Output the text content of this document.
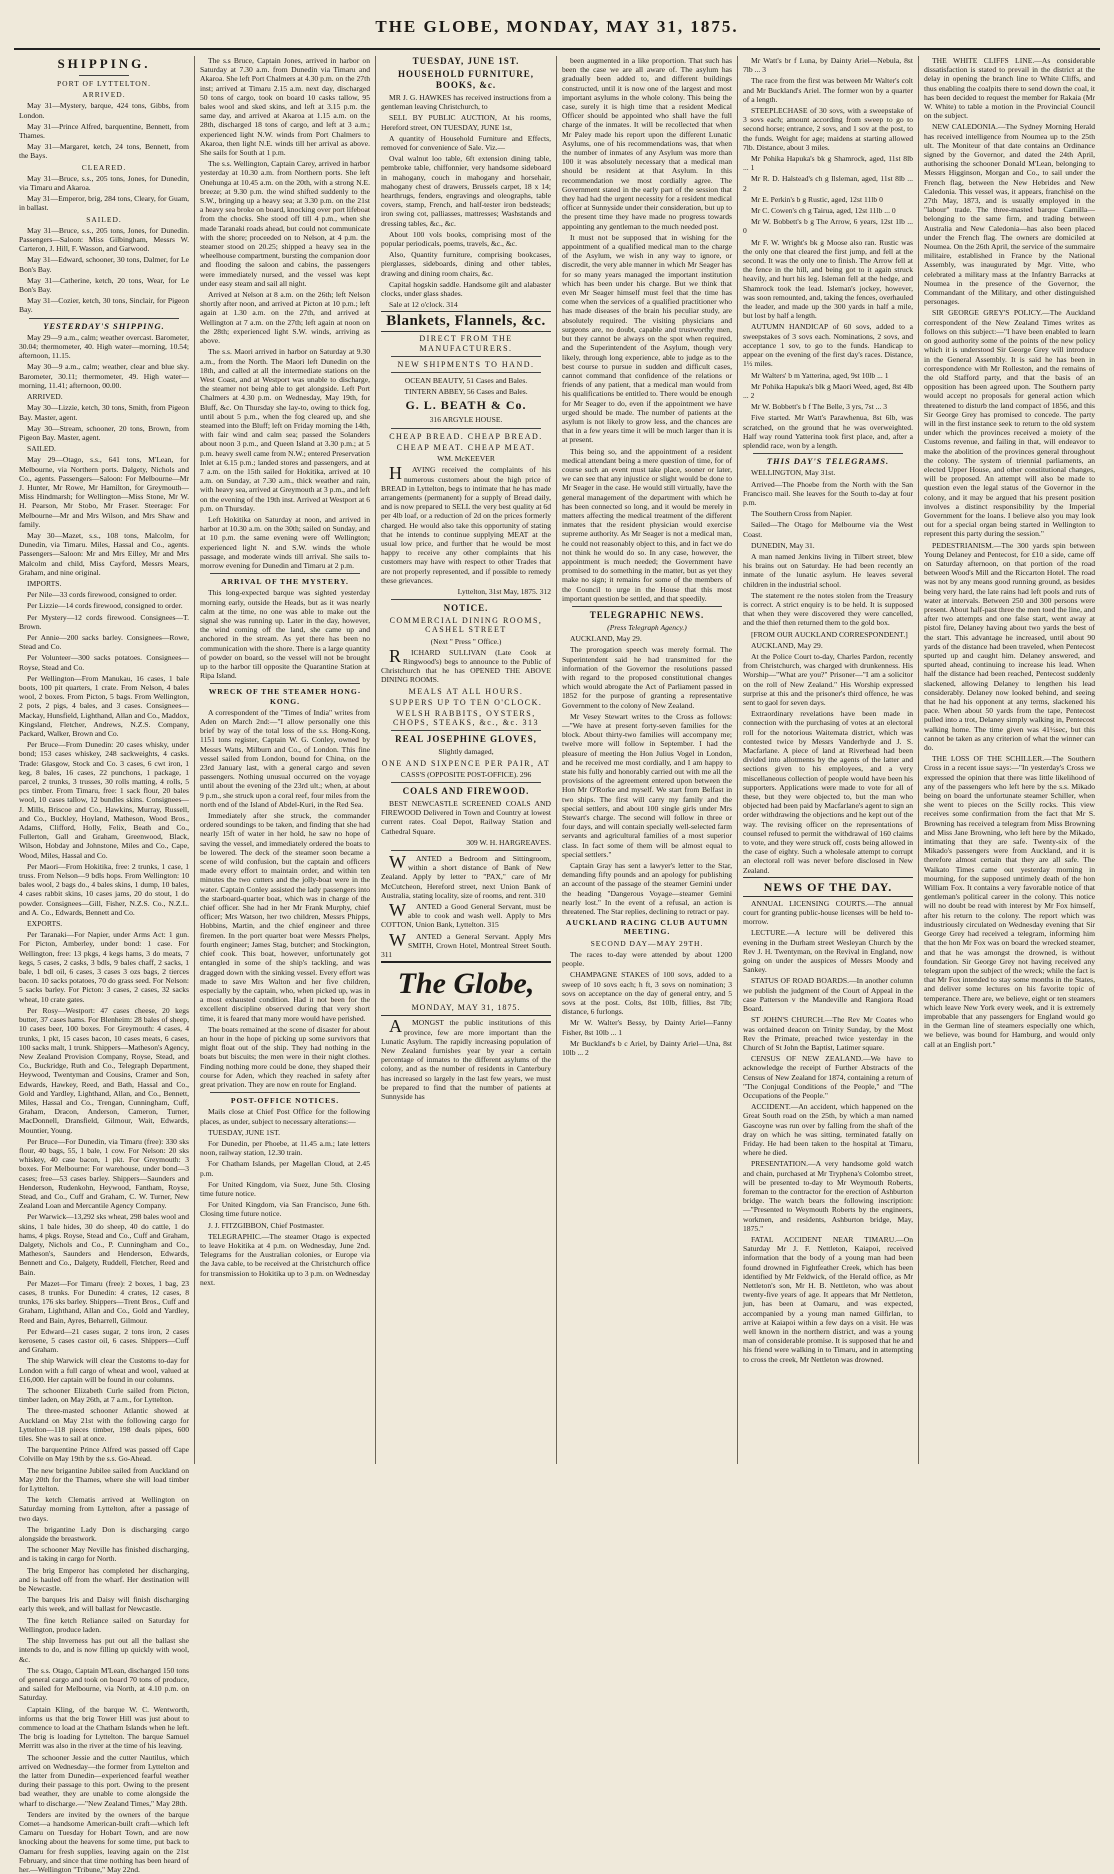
THE GLOBE, MONDAY, MAY 31, 1875.

SHIPPING.

PORT OF LYTTELTON.

ARRIVED.

May 31—Mystery, barque, 424 tons, Gibbs, from London.

May 31—Prince Alfred, barquentine, Bennett, from Thames.

May 31—Margaret, ketch, 24 tons, Bennett, from the Bays.

CLEARED.

May 31—Bruce, s.s., 205 tons, Jones, for Dunedin, via Timaru and Akaroa.

May 31—Emperor, brig, 284 tons, Cleary, for Guam, in ballast.

SAILED.

May 31—Bruce, s.s., 205 tons, Jones, for Dunedin. Passengers—Saloon: Miss Gilbingham, Messrs W. Carteron, J. Hill, F. Wasson, and Garwood.

May 31—Edward, schooner, 30 tons, Dalmer, for Le Bon's Bay.

May 31—Catherine, ketch, 20 tons, Wear, for Le Bon's Bay.

May 31—Cozier, ketch, 30 tons, Sinclair, for Pigeon Bay.

YESTERDAY'S SHIPPING.

May 29—9 a.m., calm; weather overcast. Barometer, 30.04; thermometer, 40. High water—morning, 10.54; afternoon, 11.15.

May 30—9 a.m., calm; weather, clear and blue sky. Barometer, 30.11; thermometer, 49. High water—morning, 11.41; afternoon, 00.00.

ARRIVED.

May 30—Lizzie, ketch, 30 tons, Smith, from Pigeon Bay. Master, agent.

May 30—Stream, schooner, 20 tons, Brown, from Pigeon Bay. Master, agent.

SAILED.

May 29—Otago, s.s., 641 tons, M'Lean, for Melbourne, via Northern ports. Dalgety, Nichols and Co., agents. Passengers—Saloon: For Melbourne—Mr J. Hunter, Mr Rowe, Mr Hamilton, for Greymouth—Miss Hindmarsh; for Wellington—Miss Stone, Mr W. H. Pearson, Mr Stobo, Mr Fraser. Steerage: For Melbourne—Mr and Mrs Wilson, and Mrs Shaw and family.

May 30—Mazet, s.s., 108 tons, Malcolm, for Dunedin, via Timaru. Miles, Hassal and Co., agents. Passengers—Saloon: Mr and Mrs Eilley, Mr and Mrs Malcolm and child, Miss Cayford, Messrs Mears, Graham, and nine original.

IMPORTS.

Per Nile—33 cords firewood, consigned to order.

Per Lizzie—14 cords firewood, consigned to order.

Per Mystery—12 cords firewood. Consignees—T. Brown.

Per Annie—200 sacks barley. Consignees—Rowe, Stead and Co.

Per Volunteer—300 sacks potatoes. Consignees—Royse, Stead and Co.

Per Wellington—From Manukau, 16 cases, 1 bale boots, 100 pit quarters, 1 crate. From Nelson, 4 bales wool, 2 boxes. From Picton, 5 bags. From Wellington, 2 pots, 2 pigs, 4 bales, and 3 cases. Consignees—Mackay, Hunsfield, Lighthand, Allan and Co., Maddox, Kingsland, Fletcher, Andrews, N.Z.S. Company, Packard, Walker, Brown and Co.

Per Bruce—From Dunedin: 20 cases whisky, under bond; 153 cases whiskey, 248 sackweights, 4 casks. Trade: Glasgow, Stock and Co. 3 cases, 6 cwt iron, 1 keg, 8 bales, 16 cases, 22 punchons, 1 package, 1 parcel, 2 trunks, 3 trusses, 30 rolls matting, 4 rolls, 5 pcs timber. From Timaru, free: 1 sack flour, 20 bales wool, 10 cases tallow, 12 bundles skins. Consignees—J. Mills, Briscoe and Co., Hawkins, Murray, Russell, and Co., Buckley, Hoyland, Matheson, Wood Bros., Adams, Clifford, Holly, Felix, Beath and Co., Fullerton, Gall and Graham, Greenwood, Black, Wilson, Hobday and Johnstone, Miles and Co., Cape, Wood, Miles, Hassal and Co.

Per Maori—From Hokitika, free: 2 trunks, 1 case, 1 truss. From Nelson—9 bdls hops. From Wellington: 10 bales wool, 2 bags do., 4 bales skins, 1 dump, 10 bales, 4 cases rabbit skins, 10 cases jams, 20 do stout, 1 do powder. Consignees—Gill, Fisher, N.Z.S. Co., N.Z.L. and A. Co., Edwards, Bennett and Co.

EXPORTS.

Per Taranaki—For Napier, under Arms Act: 1 gun. For Picton, Amberley, under bond: 1 case. For Wellington, free: 13 pkgs, 4 kegs hams, 3 do meats, 7 kegs, 5 cases, 2 casks, 3 bdls, 9 bales chaff, 2 sacks, 1 bale, 1 bdl oil, 6 cases, 3 cases 3 ozs bags, 2 tierces bacon. 10 sacks potatoes, 70 do grass seed. For Nelson: 5 sacks barley. For Picton: 3 cases, 2 cases, 32 sacks wheat, 10 crate gates.

Per Rosy—Westport: 47 cases cheese, 20 kegs butter, 37 cases hams. For Blenheim: 28 bales of sheep, 10 cases beer, 100 boxes. For Greymouth: 4 cases, 4 trunks, 1 pkt, 15 cases bacon, 10 cases meats, 6 cases, 100 sacks malt, 1 trunk. Shippers—Matheson's Agency, New Zealand Provision Company, Royse, Stead, and Co., Buckridge, Ruth and Co., Telegraph Department, Heywood, Twentyman and Cousins, Cramer and Son, Edwards, Hawkey, Reed, and Bath, Hassal and Co., Gold and Yardley, Lighthand, Allan, and Co., Bennett, Miles, Hassal and Co., Trengan, Cunningham, Cuff, Graham, Dracon, Anderson, Cameron, Turner, MacDonnell, Dransfield, Gilmour, Wait, Edwards, Mountier, Young.

Per Bruce—For Dunedin, via Timaru (free): 330 sks flour, 40 bags, 55, 1 bale, 1 cow. For Nelson: 20 sks whiskey, 40 case bacon, 1 pkt. For Greymouth: 3 boxes. For Melbourne: For warehouse, under bond—3 cases; free—53 cases barley. Shippers—Saunders and Henderson, Rudenkohn, Heywood, Fantham, Royse, Stead, and Co., Cuff and Graham, C. W. Turner, New Zealand Loan and Mercantile Agency Company.

Per Warwick—13,292 sks wheat, 298 bales wool and skins, 1 bale hides, 30 do sheep, 40 do cattle, 1 do hams, 4 pkgs. Royse, Stead and Co., Cuff and Graham, Dalgety, Nichols and Co., P. Cunningham and Co., Matheson's, Saunders and Henderson, Edwards, Bennett and Co., Dalgety, Ruddell, Fletcher, Reed and Bain.

Per Mazet—For Timaru (free): 2 boxes, 1 bag, 23 cases, 8 trunks. For Dunedin: 4 crates, 12 cases, 8 trunks, 176 sks barley. Shippers—Trent Bros., Cuff and Graham, Lighthand, Allan and Co., Gold and Yardley, Reed and Bain, Ayres, Beharrell, Gilmour.

Per Edward—21 cases sugar, 2 tons iron, 2 cases kerosene, 5 cases castor oil, 6 cases. Shippers—Cuff and Graham.

The ship Warwick will clear the Customs to-day for London with a full cargo of wheat and wool, valued at £16,000. Her captain will be found in our columns.

The schooner Elizabeth Curle sailed from Picton, timber laden, on May 26th, at 7 a.m., for Lyttelton.

The three-masted schooner Atlantic showed at Auckland on May 21st with the following cargo for Lyttelton—118 pieces timber, 198 deals pipes, 600 tiles. She was to sail at once.

The barquentine Prince Alfred was passed off Cape Colville on May 19th by the s.s. Go-Ahead.

The new brigantine Jubilee sailed from Auckland on May 20th for the Thames, where she will load timber for Lyttelton.

The ketch Clematis arrived at Wellington on Saturday morning from Lyttelton, after a passage of two days.

The brigantine Lady Don is discharging cargo alongside the breastwork.

The schooner May Neville has finished discharging, and is taking in cargo for North.

The brig Emperor has completed her discharging, and is hauled off from the wharf. Her destination will be Newcastle.

The barques Iris and Daisy will finish discharging early this week, and will ballast for Newcastle.

The fine ketch Reliance sailed on Saturday for Wellington, produce laden.

The ship Inverness has put out all the ballast she intends to do, and is now filling up quickly with wool, &c.

The s.s. Otago, Captain M'Lean, discharged 150 tons of general cargo and took on board 70 tons of produce, and sailed for Melbourne, via North, at 4.10 p.m. on Saturday.

Captain Kling, of the barque W. C. Wentworth, informs us that the brig Tower Hill was just about to commence to load at the Chatham Islands when he left. The brig is loading for Lyttelton. The barque Samuel Merritt was also in the river at the time of his leaving.

The schooner Jessie and the cutter Nautilus, which arrived on Wednesday—the former from Lyttelton and the latter from Dunedin—experienced fearful weather during their passage to this port. Owing to the present bad weather, they are unable to come alongside the wharf to discharge.—"New Zealand Times," May 28th.

Tenders are invited by the owners of the barque Comet—a handsome American-built craft—which left Camaru on Tuesday for Hobart Town, and are now knocking about the heavens for some time, put back to Oamaru for fresh supplies, leaving again on the 21st February, and since that time nothing has been heard of her.—Wellington "Tribune," May 22nd.

The s.s Bruce, Captain Jones, arrived in harbor on Saturday at 7.30 a.m. from Dunedin via Timaru and Akaroa. She left Port Chalmers at 4.30 p.m. on the 27th inst; arrived at Timaru 2.15 a.m. next day, discharged 50 tons of cargo, took on board 10 casks tallow, 95 bales wool and sked skins, and left at 3.15 p.m. the same day, and arrived at Akaroa at 1.15 a.m. on the 28th, discharged 18 tons of cargo, and left at 3 a.m.; experienced light N.W. winds from Port Chalmers to Akaroa, then light N.E. winds till her arrival as above. She sails for South at 1 p.m.

The s.s. Wellington, Captain Carey, arrived in harbor yesterday at 10.30 a.m. from Northern ports. She left Onehunga at 10.45 a.m. on the 20th, with a strong N.E. breeze; at 9.30 p.m. the wind shifted suddenly to the S.W., bringing up a heavy sea; at 3.30 p.m. on the 21st a heavy sea broke on board, knocking over port lifeboat from the chocks. She stood off till 4 p.m., when she made Taranaki roads ahead, but could not communicate with the shore; proceeded on to Nelson, at 4 p.m. the steamer stood on 20.25; shipped a heavy sea in the wheelhouse compartment, bursting the companion door and flooding the saloon and cabins, the passengers were immediately nursed, and the vessel was kept under easy steam and sail all night.

Arrived at Nelson at 8 a.m. on the 26th; left Nelson shortly after noon, and arrived at Picton at 10 p.m.; left again at 1.30 a.m. on the 27th, and arrived at Wellington at 7 a.m. on the 27th; left again at noon on the 28th; experienced light S.W. winds, arriving as above.

The s.s. Maori arrived in harbor on Saturday at 9.30 a.m., from the North. The Maori left Dunedin on the 18th, and called at all the intermediate stations on the West Coast, and at Westport was unable to discharge, the steamer not being able to get alongside. Left Port Chalmers at 4.30 p.m. on Wednesday, May 19th, for Bluff, &c. On Thursday she lay-to, owing to thick fog, until about 5 p.m., when the fog cleared up, and she steamed into the Bluff; left on Friday morning the 14th, with fair wind and calm sea; passed the Solanders about noon 3 p.m., and Queen Island at 3.30 p.m.; at 5 p.m. heavy swell came from N.W.; entered Preservation Inlet at 6.15 p.m.; landed stores and passengers, and at 7 a.m. on the 15th sailed for Hokitika, arrived at 10 a.m. on Sunday, at 7.30 a.m., thick weather and rain, with heavy sea, arrived at Greymouth at 3 p.m., and left on the evening of the 19th inst. Arrived at Westport at 6 p.m. on Thursday.

Left Hokitika on Saturday at noon, and arrived in harbor at 10.30 a.m. on the 30th; sailed on Sunday, and at 10 p.m. the same evening were off Wellington; experienced light N. and S.W. winds the whole passage, and moderate winds till arrival. She sails to-morrow evening for Dunedin and Timaru at 2 p.m.

ARRIVAL OF THE MYSTERY.

This long-expected barque was sighted yesterday morning early, outside the Heads, but as it was nearly calm at the time, no one was able to make out the signal she was running up. Later in the day, however, the wind coming off the land, she came up and anchored in the stream. As yet there has been no communication with the shore. There is a large quantity of powder on board, so the vessel will not be brought up to the harbor till opposite the Quarantine Station at Ripa Island.

WRECK OF THE STEAMER HONG-KONG.

A correspondent of the "Times of India" writes from Aden on March 2nd:—"I allow personally one this brief by way of the total loss of the s.s. Hong-Kong, 1151 tons register, Captain W. G. Conley, owned by Messrs Watts, Milburn and Co., of London. This fine vessel sailed from London, bound for China, on the 23rd January last, with a general cargo and seven passengers. Nothing unusual occurred on the voyage until about the evening of the 23rd ult.; when, at about 9 p.m., she struck upon a coral reef, four miles from the north end of the Island of Abdel-Kuri, in the Red Sea.

Immediately after she struck, the commander ordered soundings to be taken, and finding that she had nearly 15ft of water in her hold, he saw no hope of saving the vessel, and immediately ordered the boats to be lowered. The deck of the steamer soon became a scene of wild confusion, but the captain and officers made every effort to maintain order, and within ten minutes the two cutters and the jolly-boat were in the water. Captain Conley assisted the lady passengers into the starboard-quarter boat, which was in charge of the chief officer. She had in her Mr Frank Murphy, chief officer; Mrs Watson, her two children, Messrs Phipps, Hobbins, Martin, and the chief engineer and three firemen. In the port quarter boat were Messrs Phelps, fourth engineer; James Stag, butcher; and Stockington, chief cook. This boat, however, unfortunately got entangled in some of the ship's tackling, and was dragged down with the sinking vessel. Every effort was made to save Mrs Walton and her five children, especially by the captain, who, when picked up, was in a most exhausted condition. Had it not been for the excellent discipline observed during that very short time, it is feared that many more would have perished.

The boats remained at the scene of disaster for about an hour in the hope of picking up some survivors that might float out of the ship. They had nothing in the boats but biscuits; the men were in their night clothes. Finding nothing more could be done, they shaped their course for Aden, which they reached in safety after great privation. They are now en route for England.

POST-OFFICE NOTICES.

Mails close at Chief Post Office for the following places, as under, subject to necessary alterations:—

TUESDAY, JUNE 1ST.

For Dunedin, per Phoebe, at 11.45 a.m.; late letters noon, railway station, 12.30 train.

For Chatham Islands, per Magellan Cloud, at 2.45 p.m.

For United Kingdom, via Suez, June 5th. Closing time future notice.

For United Kingdom, via San Francisco, June 6th. Closing time future notice.

J. J. FITZGIBBON, Chief Postmaster.

TELEGRAPHIC.—The steamer Otago is expected to leave Hokitika at 4 p.m. on Wednesday, June 2nd. Telegrams for the Australian colonies, or Europe via the Java cable, to be received at the Christchurch office for transmission to Hokitika up to 3 p.m. on Wednesday next.

TUESDAY, JUNE 1ST.

HOUSEHOLD FURNITURE, BOOKS, &c.

MR J. G. HAWKES has received instructions from a gentleman leaving Christchurch, to

SELL BY PUBLIC AUCTION, At his rooms, Hereford street, ON TUESDAY, JUNE 1st,

A quantity of Household Furniture and Effects, removed for convenience of Sale. Viz.—

Oval walnut loo table, 6ft extension dining table, pembroke table, chiffonnier, very handsome sideboard in mahogany, couch in mahogany and horsehair, mahogany chest of drawers, Brussels carpet, 18 x 14; hearthrugs, fenders, engravings and oleographs, table covers, stamp, French, and half-tester iron bedsteads; iron swing cot, palliasses, mattresses; Washstands and dressing tables, &c., &c.

About 100 vols books, comprising most of the popular periodicals, poems, travels, &c., &c.

Also, Quantity furniture, comprising bookcases, pierglasses, sideboards, dining and other tables, drawing and dining room chairs, &c.

Capital hogskin saddle. Handsome gilt and alabaster clocks, under glass shades.

Sale at 12 o'clock. 314

Blankets, Flannels, &c.

DIRECT FROM THE MANUFACTURERS.

NEW SHIPMENTS TO HAND.

OCEAN BEAUTY, 51 Cases and Bales.

TINTERN ABBEY, 56 Cases and Bales.

G. L. BEATH & Co.

316 ARGYLE HOUSE.

CHEAP BREAD. CHEAP BREAD.

CHEAP MEAT. CHEAP MEAT.

WM. McKEEVER

HAVING received the complaints of his numerous customers about the high price of BREAD in Lyttelton, begs to intimate that he has made arrangements (permanent) for a supply of Bread daily, and is now prepared to SELL the very best quality at 6d per 4lb loaf, or a reduction of 2d on the prices formerly charged. He would also take this opportunity of stating that he intends to continue supplying MEAT at the usual low price, and further that he would be most happy to receive any other complaints that his customers may have with respect to other Trades that are not properly represented, and if possible to remedy these grievances.

Lyttelton, 31st May, 1875. 312

NOTICE.

COMMERCIAL DINING ROOMS, CASHEL STREET

(Next " Press " Office.)

RICHARD SULLIVAN (Late Cook at Ringwood's) begs to announce to the Public of Christchurch that he has OPENED THE ABOVE DINING ROOMS.

MEALS AT ALL HOURS.

SUPPERS UP TO TEN O'CLOCK.

WELSH RABBITS, OYSTERS, CHOPS, STEAKS, &c., &c. 313

REAL JOSEPHINE GLOVES,

Slightly damaged,

ONE AND SIXPENCE PER PAIR, AT

CASS'S (OPPOSITE POST-OFFICE). 296

COALS AND FIREWOOD.

BEST NEWCASTLE SCREENED COALS AND FIREWOOD Delivered in Town and Country at lowest current rates. Coal Depot, Railway Station and Cathedral Square.

309 W. H. HARGREAVES.

WANTED a Bedroom and Sittingroom, within a short distance of Bank of New Zealand. Apply by letter to "PAX," care of Mr McCutcheon, Hereford street, next Union Bank of Australia, stating locality, size of rooms, and rent. 310

WANTED a Good General Servant, must be able to cook and wash well. Apply to Mrs COTTON, Union Bank, Lyttelton. 315

WANTED a General Servant. Apply Mrs SMITH, Crown Hotel, Montreal Street South. 311

The Globe,

MONDAY, MAY 31, 1875.

AMONGST the public institutions of this province, few are more important than the Lunatic Asylum. The rapidly increasing population of New Zealand furnishes year by year a certain percentage of inmates to the different asylums of the colony, and as the number of residents in Canterbury has increased so largely in the last few years, we must be prepared to find that the number of patients at Sunnyside has

been augmented in a like proportion. That such has been the case we are all aware of. The asylum has gradually been added to, and different buildings constructed, until it is now one of the largest and most important asylums in the whole colony. This being the case, surely it is high time that a resident Medical Officer should be appointed who shall have the full charge of the inmates. It will be recollected that when Mr Paley made his report upon the different Lunatic Asylums, one of his recommendations was, that when the number of inmates of any Asylum was more than 100 it was absolutely necessary that a medical man should be resident at that Asylum. In this recommendation we most cordially agree. The Government stated in the early part of the session that they had had the urgent necessity for a resident medical officer at Sunnyside under their consideration, but up to the present time they have made no progress towards appointing any gentleman to the much needed post.

It must not be supposed that in wishing for the appointment of a qualified medical man to the charge of the Asylum, we wish in any way to ignore, or discredit, the very able manner in which Mr Seager has for so many years managed the important institution which has been under his charge. But we think that even Mr Seager himself must feel that the time has come when the services of a qualified practitioner who has made diseases of the brain his peculiar study, are absolutely required. The visiting physicians and surgeons are, no doubt, capable and trustworthy men, but they cannot be always on the spot when required, and the Superintendent of the Asylum, though very likely, through long experience, able to judge as to the best course to pursue in sudden and difficult cases, cannot command that confidence of the relations or friends of any patient, that a medical man would from his qualifications be entitled to. There would be enough for Mr Seager to do, even if the appointment we have urged should be made. The number of patients at the asylum is not likely to grow less, and the chances are that in a few years time it will be much larger than it is at present.

This being so, and the appointment of a resident medical attendant being a mere question of time, for of course such an event must take place, sooner or later, we can see that any injustice or slight would be done to Mr Seager in the case. He would still virtually, have the general management of the department with which he has been connected so long, and it would be merely in matters affecting the medical treatment of the different inmates that the resident physician would exercise supreme authority. As Mr Seager is not a medical man, he could not reasonably object to this, and in fact we do not think he would do so. In any case, however, the appointment is much needed; the Government have promised to do something in the matter, but as yet they make no sign; it remains for some of the members of the Council to urge in the House that this most important question be settled, and that speedily.

TELEGRAPHIC NEWS.

(Press Telegraph Agency.)

AUCKLAND, May 29.

The prorogation speech was merely formal. The Superintendent said he had transmitted for the information of the Governor the resolutions passed with regard to the proposed constitutional changes which would abrogate the Act of Parliament passed in 1852 for the purpose of granting a representative Government to the colony of New Zealand.

Mr Vesey Stewart writes to the Cross as follows:—"We have at present forty-seven families for the block. About thirty-two families will accompany me; twelve more will follow in September. I had the pleasure of meeting the Hon Julius Vogel in London, and he received me most cordially, and I am happy to state his fully and honorably carried out with me all the provisions of the agreement entered upon between the Hon Mr O'Rorke and myself. We start from Belfast in two ships. The first will carry my family and the special settlers, and about 100 single girls under Mrs Stewart's charge. The second will follow in three or four days, and will contain specially well-selected farm servants and agricultural families of a most superior class. In fact some of them will be almost equal to special settlers."

Captain Gray has sent a lawyer's letter to the Star, demanding fifty pounds and an apology for publishing an account of the passage of the steamer Gemini under the heading "Dangerous Voyage—steamer Gemini nearly lost." In the event of a refusal, an action is threatened. The Star replies, declining to retract or pay.

AUCKLAND RACING CLUB AUTUMN MEETING.

SECOND DAY—MAY 29TH.

The races to-day were attended by about 1200 people.

CHAMPAGNE STAKES of 100 sovs, added to a sweep of 10 sovs each; h ft, 3 sovs on nomination; 3 sovs on acceptance on the day of general entry, and 5 sovs at the post. Colts, 8st 10lb, fillies, 8st 7lb; distance, 6 furlongs.

Mr W. Walter's Bessy, by Dainty Ariel—Fanny Fisher, 8st 10lb ... 1

Mr Buckland's b c Ariel, by Dainty Ariel—Una, 8st 10lb ... 2

Mr Watt's br f Luna, by Dainty Ariel—Nebula, 8st 7lb ... 3

The race from the first was between Mr Walter's colt and Mr Buckland's Ariel. The former won by a quarter of a length.

STEEPLECHASE of 30 sovs, with a sweepstake of 3 sovs each; amount according from sweep to go to second horse; entrance, 2 sovs, and 1 sov at the post, to the funds. Weight for age; maidens at starting allowed 7lb. Distance, about 3 miles.

Mr Pohika Hapuka's bk g Shamrock, aged, 11st 8lb ... 1

Mr R. D. Halstead's ch g Ilsleman, aged, 11st 8lb ... 2

Mr E. Perkin's b g Rustic, aged, 12st 11lb 0

Mr C. Cowen's ch g Tairua, aged, 12st 11lb ... 0

Mr W. Bobbett's b g The Arrow, 6 years, 12st 1lb ... 0

Mr F. W. Wright's bk g Moose also ran. Rustic was the only one that cleared the first jump, and fell at the second. It was the only one to finish. The Arrow fell at the fence in the hill, and being got to it again struck heavily, and hurt his leg. Isleman fell at the hedge, and Shamrock took the lead. Isleman's jockey, however, was soon remounted, and, taking the fences, overhauled the leader, and made up the 300 yards in half a mile, but lost by half a length.

AUTUMN HANDICAP of 60 sovs, added to a sweepstakes of 3 sovs each. Nominations, 2 sovs, and acceptance 1 sov, to go to the funds. Handicap to appear on the evening of the first day's races. Distance, 1½ miles.

Mr Walters' b m Yatterina, aged, 9st 10lb ... 1

Mr Pohika Hapuka's blk g Maori Weed, aged, 8st 4lb ... 2

Mr W. Bobbett's b f The Belle, 3 yrs, 7st ... 3

Five started. Mr Watt's Parawhenua, 8st 6lb, was scratched, on the ground that he was overweighted. Half way round Yatterina took first place, and, after a splendid race, won by a length.

THIS DAY'S TELEGRAMS.

WELLINGTON, May 31st.

Arrived—The Phoebe from the North with the San Francisco mail. She leaves for the South to-day at four p.m.

The Southern Cross from Napier.

Sailed—The Otago for Melbourne via the West Coast.

DUNEDIN, May 31.

A man named Jenkins living in Tilbert street, blew his brains out on Saturday. He had been recently an inmate of the lunatic asylum. He leaves several children in the industrial school.

The statement re the notes stolen from the Treasury is correct. A strict enquiry is to be held. It is supposed that when they were discovered they were cancelled, and the thief then returned them to the gold box.

[FROM OUR AUCKLAND CORRESPONDENT.]

AUCKLAND, May 29.

At the Police Court to-day, Charles Pardon, recently from Christchurch, was charged with drunkenness. His Worship—"What are you?" Prisoner—"I am a solicitor on the roll of New Zealand." His Worship expressed surprise at this and the prisoner's third offence, he was sent to gaol for seven days.

Extraordinary revelations have been made in connection with the purchasing of votes at an electoral roll for the notorious Waitemata district, which was contested twice by Messrs Vanderhyde and J. S. Macfarlane. A piece of land at Riverhead had been divided into allotments by the agents of the latter and sections given to his employees, and a very miscellaneous collection of people would have been his supporters. Applications were made to vote for all of these, but they were objected to, but the man who objected had been paid by Macfarlane's agent to sign an order withdrawing the objections and he kept out of the way. The revising officer on the representations of counsel refused to permit the withdrawal of 160 claims to vote, and they were struck off, costs being allowed in the case of eighty. Such a wholesale attempt to corrupt an electoral roll was never before disclosed in New Zealand.

NEWS OF THE DAY.

ANNUAL LICENSING COURTS.—The annual court for granting public-house licenses will be held to-morrow.

LECTURE.—A lecture will be delivered this evening in the Durham street Wesleyan Church by the Rev J. H. Twentyman, on the Revival in England, now going on under the auspices of Messrs Moody and Sankey.

STATUS OF ROAD BOARDS.—In another column we publish the judgment of the Court of Appeal in the case Patterson v the Mandeville and Rangiora Road Board.

ST JOHN'S CHURCH.—The Rev Mr Coates who was ordained deacon on Trinity Sunday, by the Most Rev the Primate, preached twice yesterday in the Church of St John the Baptist, Latimer square.

CENSUS OF NEW ZEALAND.—We have to acknowledge the receipt of Further Abstracts of the Census of New Zealand for 1874, containing a return of "The Conjugal Conditions of the People," and "The Occupations of the People."

ACCIDENT.—An accident, which happened on the Great South road on the 25th, by which a man named Gascoyne was run over by falling from the shaft of the dray on which he was sitting, terminated fatally on Friday. He had been taken to the hospital at Timaru, where he died.

PRESENTATION.—A very handsome gold watch and chain, purchased at Mr Tryphena's Colombo street, will be presented to-day to Mr Weymouth Roberts, foreman to the contractor for the erection of Ashburton bridge. The watch bears the following inscription:—"Presented to Weymouth Roberts by the engineers, workmen, and residents, Ashburton bridge, May, 1875."

FATAL ACCIDENT NEAR TIMARU.—On Saturday Mr J. F. Nettleton, Kaiapoi, received information that the body of a young man had been found drowned in Fightfeather Creek, which has been identified by Mr Feldwick, of the Herald office, as Mr Nettleton's son, Mr H. B. Nettleton, who was about twenty-five years of age. It appears that Mr Nettleton, jun, has been at Oamaru, and was expected, accompanied by a young man named Gilfirlan, to arrive at Kaiapoi within a few days on a visit. He was well known in the northern district, and was a young man of considerable promise. It is supposed that he and his friend were walking in to Timaru, and in attempting to cross the creek, Mr Nettleton was drowned.

THE WHITE CLIFFS LINE.—As considerable dissatisfaction is stated to prevail in the district at the delay in opening the branch line to White Cliffs, and thus enabling the coalpits there to send down the coal, it has been decided to request the member for Rakaia (Mr W. White) to table a motion in the Provincial Council on the subject.

NEW CALEDONIA.—The Sydney Morning Herald has received intelligence from Noumea up to the 25th ult. The Moniteur of that date contains an Ordinance signed by the Governor, and dated the 24th April, authorising the schooner Donald M'Lean, belonging to Messrs Higginson, Morgan and Co., to sail under the French flag, between the New Hebrides and New Caledonia. This vessel was, it appears, franchisé on the 27th May, 1873, and is usually employed in the "labour" trade. The three-masted barque Camilla—belonging to the same firm, and trading between Australia and New Caledonia—has also been placed under the French flag. The owners are domiciled at Noumea. On the 26th April, the service of the summaire militaire, established in France by the National Assembly, was inaugurated by Mgr. Vitte, who celebrated a military mass at the Infantry Barracks at Noumea in the presence of the Governor, the Commandant of the Military, and other distinguished personages.

SIR GEORGE GREY'S POLICY.—The Auckland correspondent of the New Zealand Times writes as follows on this subject:—"I have been enabled to learn on good authority some of the points of the new policy which it is understood Sir George Grey will introduce in the General Assembly. It is said he has been in correspondence with Mr Rolleston, and the remains of the old Stafford party, and that the basis of an opposition has been agreed upon. The Southern party would accept no proposals for general action which threatened to disturb the land compact of 1856, and this Sir George Grey has promised to concede. The party will in the first instance seek to return to the old system under which the provinces received a moiety of the Customs revenue, and failing in that, will endeavor to make the abolition of the provinces general throughout the colony. The system of triennial parliaments, an elected Upper House, and other constitutional changes, will be proposed. An attempt will also be made to question even the legal status of the Governor in the colony, and it may be argued that his present position involves a distinct responsibility by the Imperial Government for the loans. I believe also you may look out for a special organ being started in Wellington to represent this party during the session."

PEDESTRIANISM.—The 300 yards spin between Young Delaney and Pentecost, for £10 a side, came off on Saturday afternoon, on that portion of the road between Wood's Mill and the Riccarton Hotel. The road was not by any means good running ground, as besides being very hard, the late rains had left pools and ruts of water at intervals. Between 250 and 300 persons were present. About half-past three the men toed the line, and after two attempts and one false start, went away at pistol fire, Delaney having about two yards the best of the start. This advantage he increased, until about 90 yards of the distance had been traveled, when Pentecost spurted up and caught him. Delaney answered, and spurted ahead, continuing to increase his lead. When half the distance had been reached, Pentecost suddenly slackened, allowing Delaney to lengthen his lead considerably. Delaney now looked behind, and seeing that he had his opponent at any terms, slackened his pace. When about 50 yards from the tape, Pentecost pulled into a trot, Delaney simply walking in, Pentecost walking home. The time given was 41½sec, but this cannot be taken as any criterion of what the winner can do.

THE LOSS OF THE SCHILLER.—The Southern Cross in a recent issue says:—"In yesterday's Cross we expressed the opinion that there was little likelihood of any of the passengers who left here by the s.s. Mikado being on board the unfortunate steamer Schiller, when she went to pieces on the Scilly rocks. This view receives some confirmation from the fact that Mr S. Browning has received a telegram from Miss Browning and Miss Jane Browning, who left here by the Mikado, intimating that they are safe. Twenty-six of the Mikado's passengers were from Auckland, and it is therefore almost certain that they are all safe. The Waikato Times came out yesterday morning in mourning, for the supposed untimely death of the hon William Fox. It contains a very favorable notice of that gentleman's political career in the colony. This notice will no doubt be read with interest by Mr Fox himself, after his return to the colony. The report which was industriously circulated on Wednesday evening that Sir George Grey had received a telegram, informing him that the hon Mr Fox was on board the wrecked steamer, and that he was amongst the drowned, is without foundation. Sir George Grey not having received any telegram upon the subject of the wreck; while the fact is that Mr Fox intended to stay some months in the States, and deliver some lectures on his favorite topic of temperance. There are, we believe, eight or ten steamers which leave New York every week, and it is extremely improbable that any passengers for England would go in the German line of steamers especially one which, we believe, was bound for Hamburg, and would only call at an English port."
